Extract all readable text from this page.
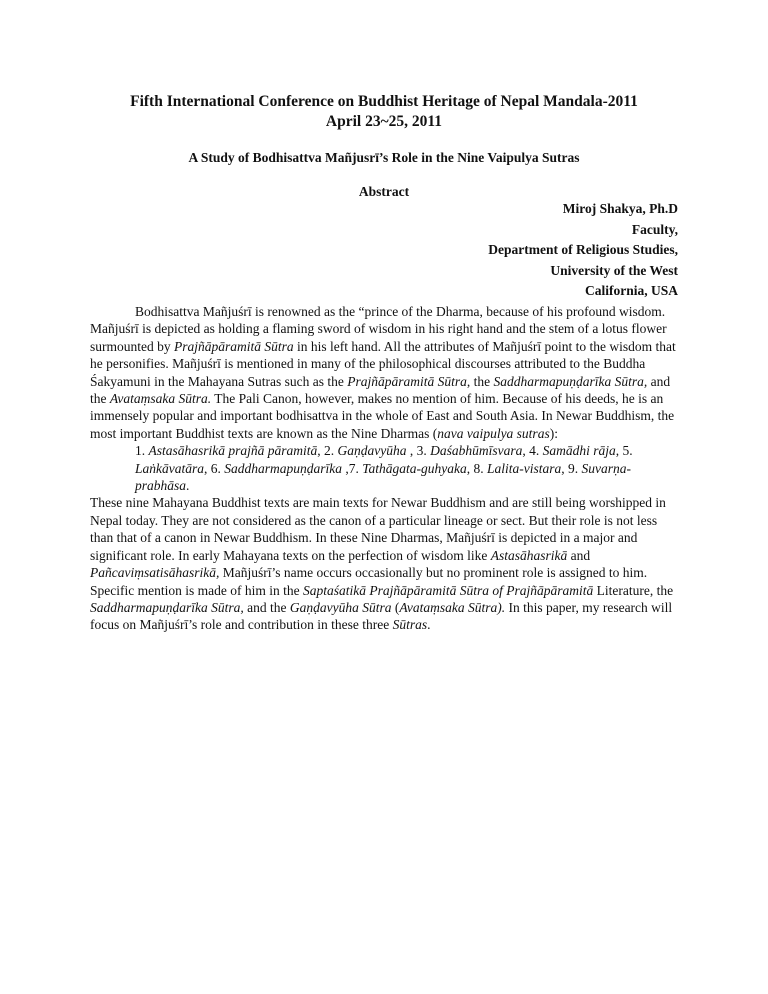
Fifth International Conference on Buddhist Heritage of Nepal Mandala-2011
April 23~25, 2011
A Study of Bodhisattva Mañjusrī’s Role in the Nine Vaipulya Sutras
Abstract
Miroj Shakya, Ph.D
Faculty,
Department of Religious Studies,
University of the West
California, USA

Bodhisattva Mañjuśrī is renowned as the “prince of the Dharma, because of his profound wisdom. Mañjuśrī is depicted as holding a flaming sword of wisdom in his right hand and the stem of a lotus flower surmounted by Prajñāpāramitā Sūtra in his left hand. All the attributes of Mañjuśrī point to the wisdom that he personifies. Mañjuśrī is mentioned in many of the philosophical discourses attributed to the Buddha Śakyamuni in the Mahayana Sutras such as the Prajñāpāramitā Sūtra, the Saddharmapuṇḍarīka Sūtra, and the Avataṃsaka Sūtra. The Pali Canon, however, makes no mention of him. Because of his deeds, he is an immensely popular and important bodhisattva in the whole of East and South Asia. In Newar Buddhism, the most important Buddhist texts are known as the Nine Dharmas (nava vaipulya sutras):

1. Astasāhasrikā prajñā pāramitā, 2. Gaṇḍavyūha , 3. Daśabhūmīsvara, 4. Samādhi rāja, 5. Laṅkāvatāra, 6. Saddharmapuṇḍarīka ,7. Tathāgata-guhyaka, 8. Lalita-vistara, 9. Suvarṇa-prabhāsa.

These nine Mahayana Buddhist texts are main texts for Newar Buddhism and are still being worshipped in Nepal today. They are not considered as the canon of a particular lineage or sect. But their role is not less than that of a canon in Newar Buddhism. In these Nine Dharmas, Mañjuśrī is depicted in a major and significant role. In early Mahayana texts on the perfection of wisdom like Astasāhasrikā and Pañcaviṃsatisāhasrikā, Mañjuśrī’s name occurs occasionally but no prominent role is assigned to him. Specific mention is made of him in the Saptaśatikā Prajñāpāramitā Sūtra of Prajñāpāramitā Literature, the Saddharmapuṇḍarīka Sūtra, and the Gaṇḍavyūha Sūtra (Avataṃsaka Sūtra). In this paper, my research will focus on Mañjuśrī’s role and contribution in these three Sūtras.
